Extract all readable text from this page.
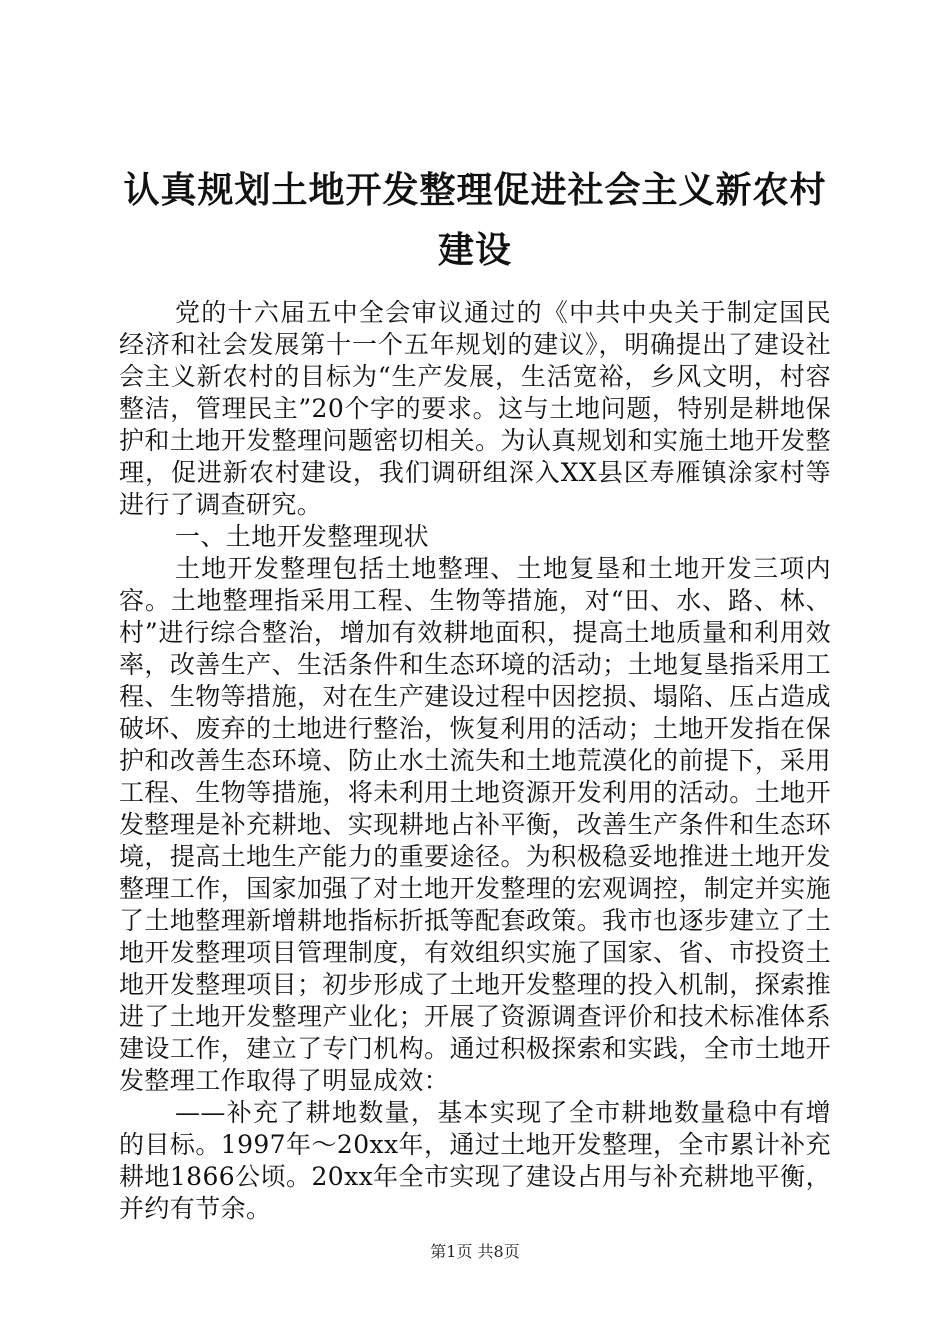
认真规划土地开发整理促进社会主义新农村建设

党的十六届五中全会审议通过的《中共中央关于制定国民经济和社会发展第十一个五年规划的建议》，明确提出了建设社会主义新农村的目标为“生产发展，生活宽裕，乡风文明，村容整洁，管理民主”20个字的要求。这与土地问题，特别是耕地保护和土地开发整理问题密切相关。为认真规划和实施土地开发整理，促进新农村建设，我们调研组深入XX县区寿雁镇涂家村等进行了调查研究。

一、土地开发整理现状

土地开发整理包括土地整理、土地复垦和土地开发三项内容。土地整理指采用工程、生物等措施，对“田、水、路、林、村”进行综合整治，增加有效耕地面积，提高土地质量和利用效率，改善生产、生活条件和生态环境的活动；土地复垦指采用工程、生物等措施，对在生产建设过程中因挖损、塌陷、压占造成破坏、废弃的土地进行整治，恢复利用的活动；土地开发指在保护和改善生态环境、防止水土流失和土地荒漠化的前提下，采用工程、生物等措施，将未利用土地资源开发利用的活动。土地开发整理是补充耕地、实现耕地占补平衡，改善生产条件和生态环境，提高土地生产能力的重要途径。为积极稳妥地推进土地开发整理工作，国家加强了对土地开发整理的宏观调控，制定并实施了土地整理新增耕地指标折抵等配套政策。我市也逐步建立了土地开发整理项目管理制度，有效组织实施了国家、省、市投资土地开发整理项目；初步形成了土地开发整理的投入机制，探索推进了土地开发整理产业化；开展了资源调查评价和技术标准体系建设工作，建立了专门机构。通过积极探索和实践，全市土地开发整理工作取得了明显成效：

——补充了耕地数量，基本实现了全市耕地数量稳中有增的目标。1997年～20xx年，通过土地开发整理，全市累计补充耕地1866公顷。20xx年全市实现了建设占用与补充耕地平衡，并约有节余。

第1页 共8页
